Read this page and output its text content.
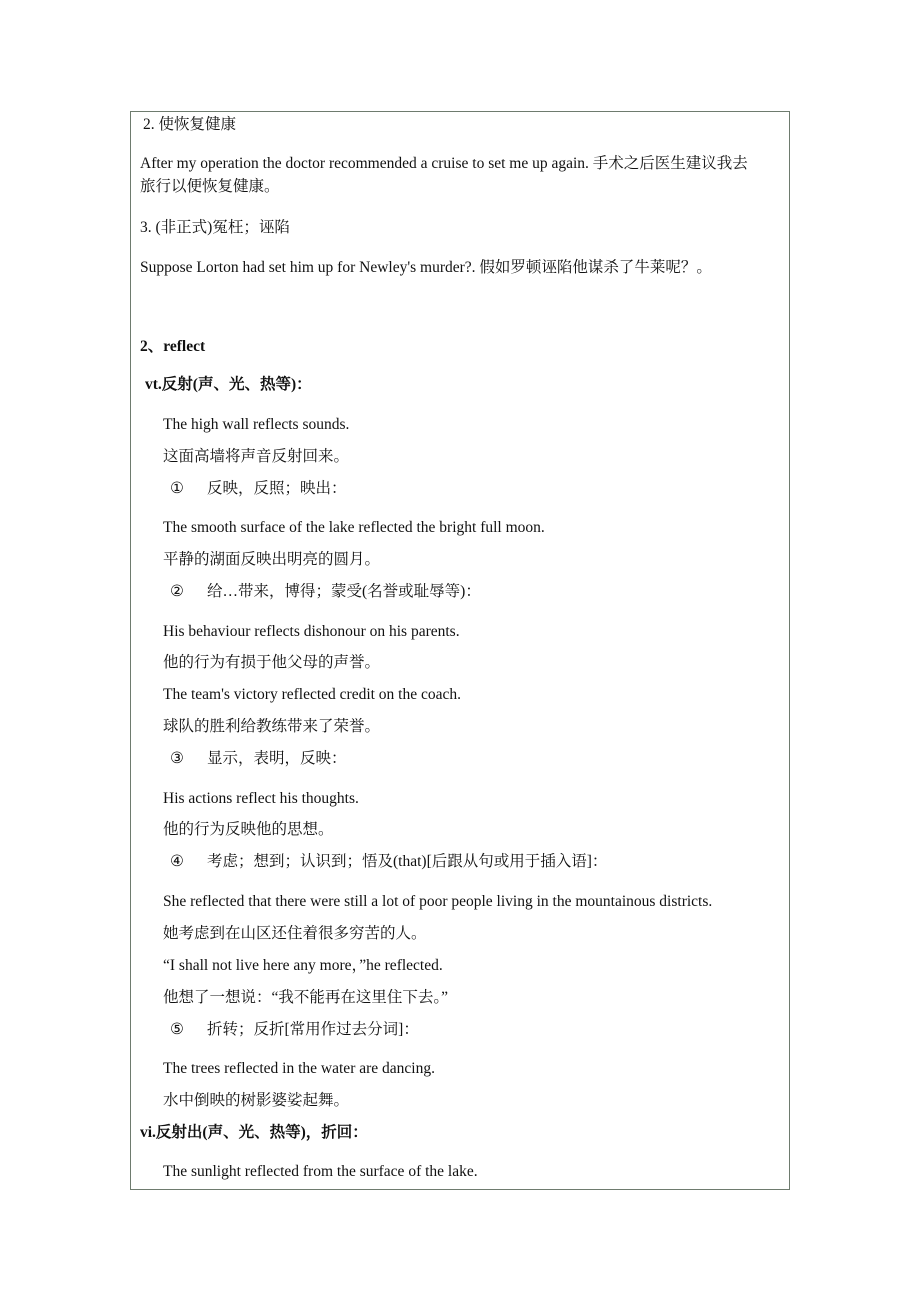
2. 使恢复健康
After my operation the doctor recommended a cruise to set me up again. 手术之后医生建议我去
旅行以便恢复健康。
3. (非正式)冤枉；诬陷
Suppose Lorton had set him up for Newley's murder?. 假如罗顿诬陷他谋杀了牛莱呢？。
2、reflect
vt.反射(声、光、热等)：
The high wall reflects sounds.
这面高墙将声音反射回来。
① 反映，反照；映出：
The smooth surface of the lake reflected the bright full moon.
平静的湖面反映出明亮的圆月。
② 给…带来，博得；蒙受(名誉或耻辱等)：
His behaviour reflects dishonour on his parents.
他的行为有损于他父母的声誉。
The team's victory reflected credit on the coach.
球队的胜利给教练带来了荣誉。
③ 显示，表明，反映：
His actions reflect his thoughts.
他的行为反映他的思想。
④ 考虑；想到；认识到；悟及(that)[后跟从句或用于插入语]：
She reflected that there were still a lot of poor people living in the mountainous districts.
她考虑到在山区还住着很多穷苦的人。
“I shall not live here any more，”he reflected.
他想了一想说：“我不能再在这里住下去。”
⑤ 折转；反折[常用作过去分词]：
The trees reflected in the water are dancing.
水中倒映的树影婆娑起舞。
vi.反射出(声、光、热等)，折回：
The sunlight reflected from the surface of the lake.
